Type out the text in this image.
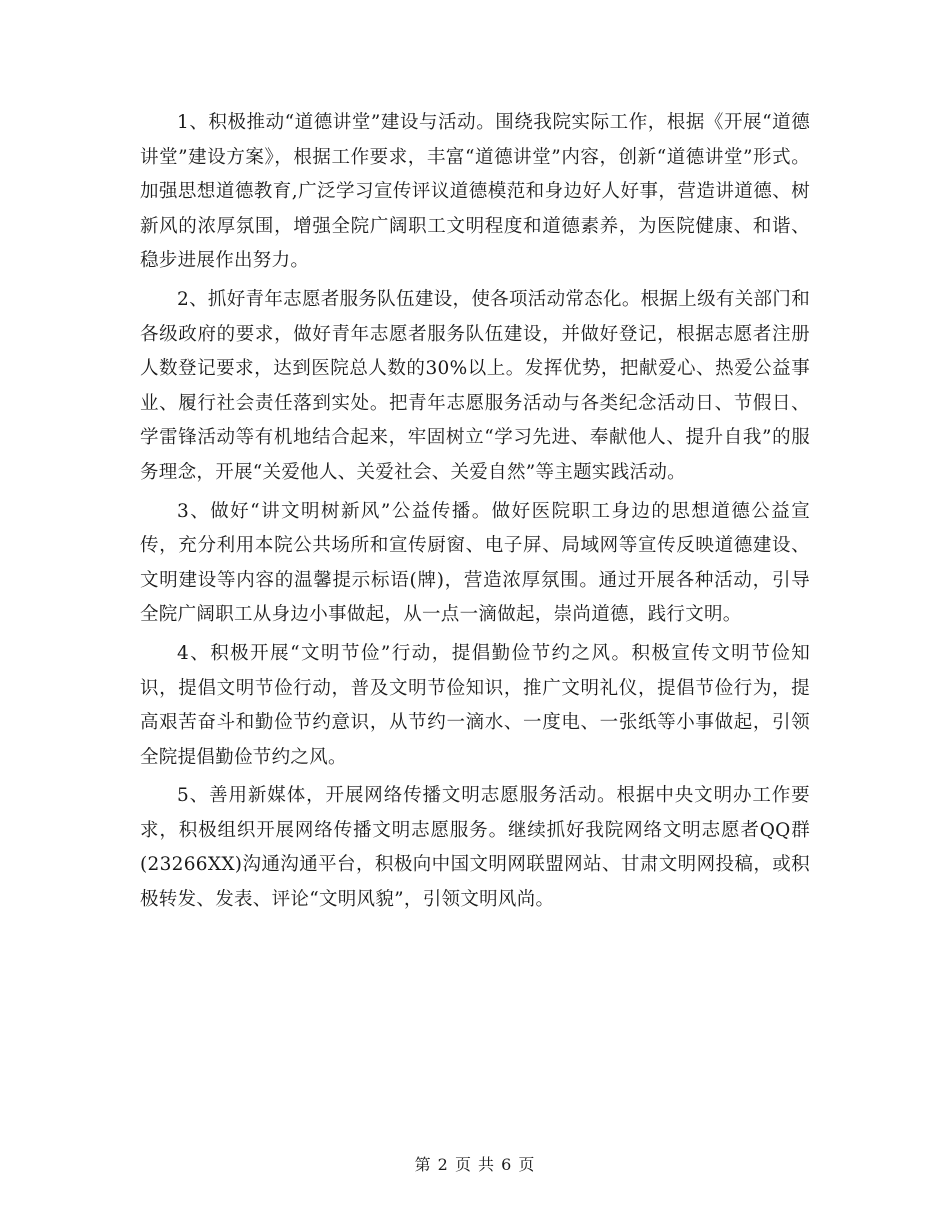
1、积极推动“道德讲堂”建设与活动。围绕我院实际工作，根据《开展“道德讲堂”建设方案》，根据工作要求，丰富“道德讲堂”内容，创新“道德讲堂”形式。加强思想道德教育,广泛学习宣传评议道德模范和身边好人好事，营造讲道德、树新风的浓厚氛围，增强全院广阔职工文明程度和道德素养，为医院健康、和谐、稳步进展作出努力。

2、抓好青年志愿者服务队伍建设，使各项活动常态化。根据上级有关部门和各级政府的要求，做好青年志愿者服务队伍建设，并做好登记，根据志愿者注册人数登记要求，达到医院总人数的30%以上。发挥优势，把献爱心、热爱公益事业、履行社会责任落到实处。把青年志愿服务活动与各类纪念活动日、节假日、学雷锋活动等有机地结合起来，牢固树立“学习先进、奉献他人、提升自我”的服务理念，开展“关爱他人、关爱社会、关爱自然”等主题实践活动。

3、做好“讲文明树新风”公益传播。做好医院职工身边的思想道德公益宣传，充分利用本院公共场所和宣传厨窗、电子屏、局域网等宣传反映道德建设、文明建设等内容的温馨提示标语(牌)，营造浓厚氛围。通过开展各种活动，引导全院广阔职工从身边小事做起，从一点一滴做起，崇尚道德，践行文明。

4、积极开展“文明节俭”行动，提倡勤俭节约之风。积极宣传文明节俭知识，提倡文明节俭行动，普及文明节俭知识，推广文明礼仪，提倡节俭行为，提高艰苦奋斗和勤俭节约意识，从节约一滴水、一度电、一张纸等小事做起，引领全院提倡勤俭节约之风。

5、善用新媒体，开展网络传播文明志愿服务活动。根据中央文明办工作要求，积极组织开展网络传播文明志愿服务。继续抓好我院网络文明志愿者QQ群(23266XX)沟通沟通平台，积极向中国文明网联盟网站、甘肃文明网投稿，或积极转发、发表、评论“文明风貌”，引领文明风尚。

第 2 页 共 6 页
